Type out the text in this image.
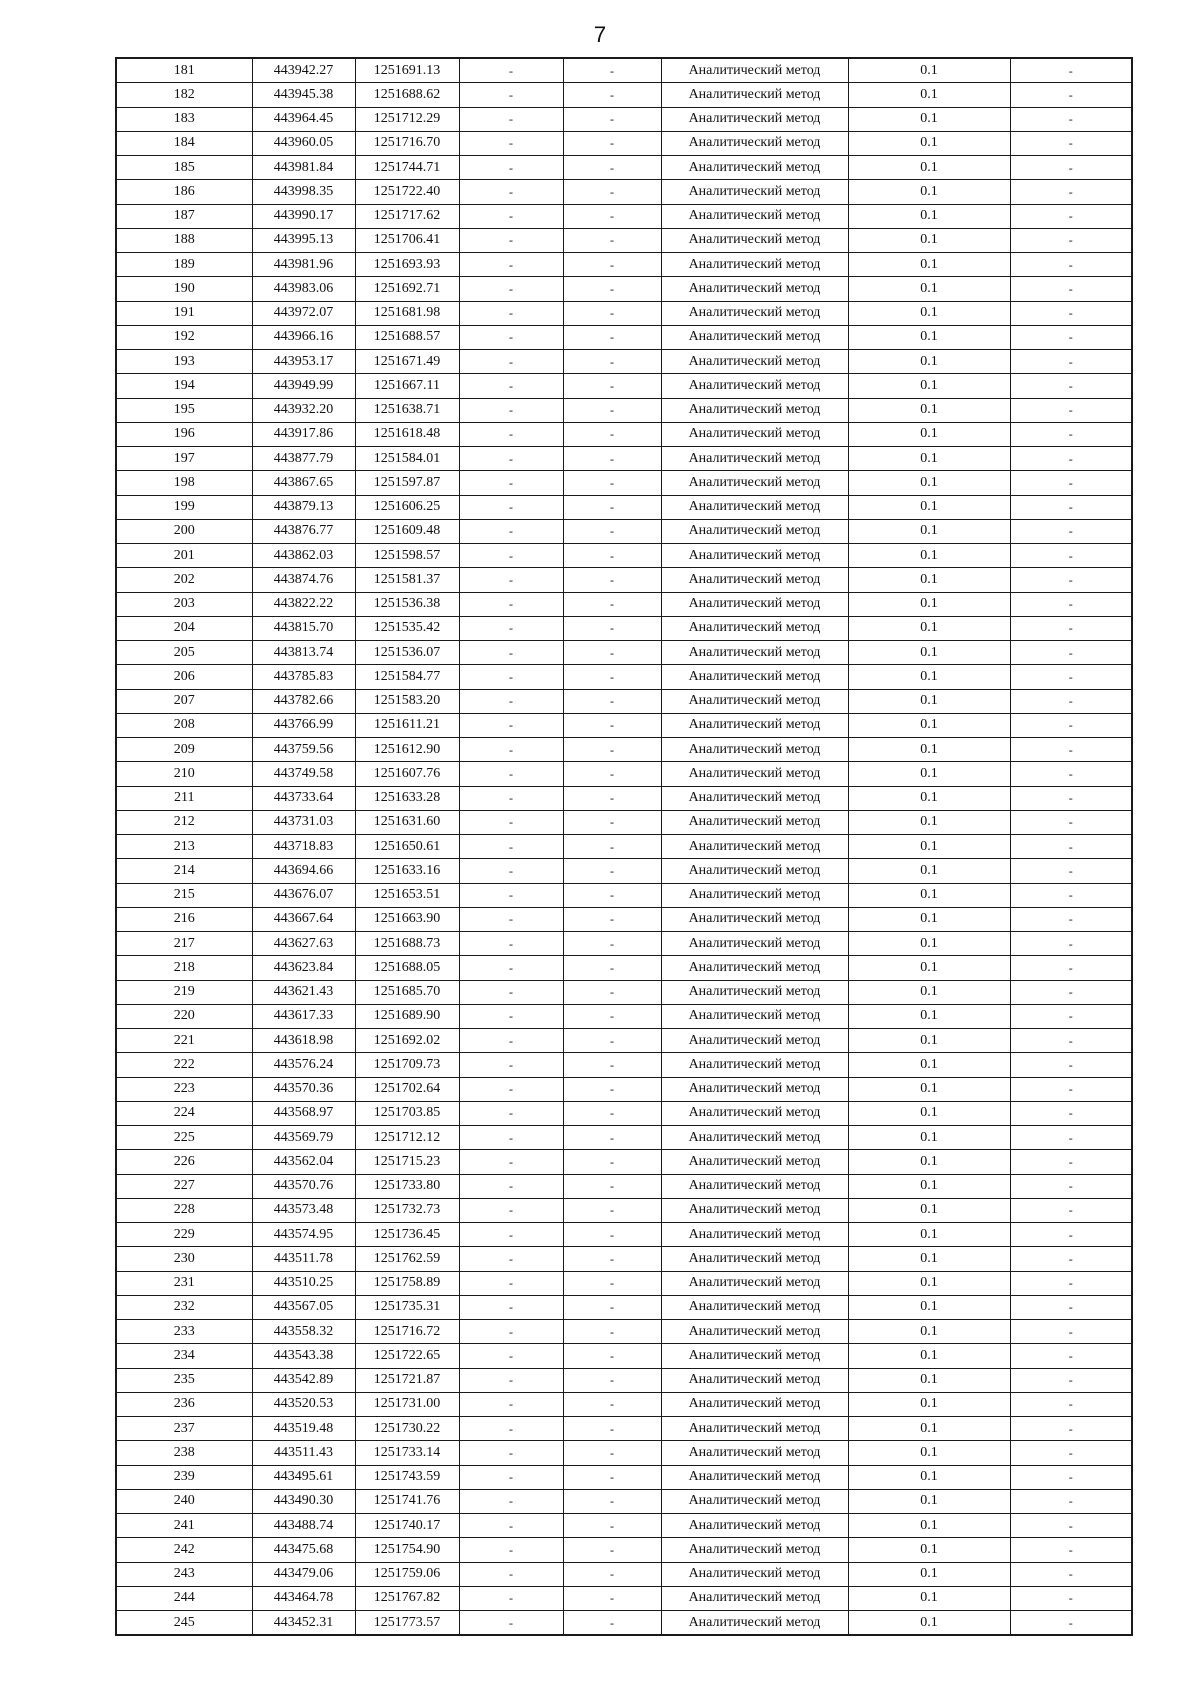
7
181	443942.27	1251691.13	-	-	Аналитический метод	0.1	-
182	443945.38	1251688.62	-	-	Аналитический метод	0.1	-
183	443964.45	1251712.29	-	-	Аналитический метод	0.1	-
184	443960.05	1251716.70	-	-	Аналитический метод	0.1	-
185	443981.84	1251744.71	-	-	Аналитический метод	0.1	-
186	443998.35	1251722.40	-	-	Аналитический метод	0.1	-
187	443990.17	1251717.62	-	-	Аналитический метод	0.1	-
188	443995.13	1251706.41	-	-	Аналитический метод	0.1	-
189	443981.96	1251693.93	-	-	Аналитический метод	0.1	-
190	443983.06	1251692.71	-	-	Аналитический метод	0.1	-
191	443972.07	1251681.98	-	-	Аналитический метод	0.1	-
192	443966.16	1251688.57	-	-	Аналитический метод	0.1	-
193	443953.17	1251671.49	-	-	Аналитический метод	0.1	-
194	443949.99	1251667.11	-	-	Аналитический метод	0.1	-
195	443932.20	1251638.71	-	-	Аналитический метод	0.1	-
196	443917.86	1251618.48	-	-	Аналитический метод	0.1	-
197	443877.79	1251584.01	-	-	Аналитический метод	0.1	-
198	443867.65	1251597.87	-	-	Аналитический метод	0.1	-
199	443879.13	1251606.25	-	-	Аналитический метод	0.1	-
200	443876.77	1251609.48	-	-	Аналитический метод	0.1	-
201	443862.03	1251598.57	-	-	Аналитический метод	0.1	-
202	443874.76	1251581.37	-	-	Аналитический метод	0.1	-
203	443822.22	1251536.38	-	-	Аналитический метод	0.1	-
204	443815.70	1251535.42	-	-	Аналитический метод	0.1	-
205	443813.74	1251536.07	-	-	Аналитический метод	0.1	-
206	443785.83	1251584.77	-	-	Аналитический метод	0.1	-
207	443782.66	1251583.20	-	-	Аналитический метод	0.1	-
208	443766.99	1251611.21	-	-	Аналитический метод	0.1	-
209	443759.56	1251612.90	-	-	Аналитический метод	0.1	-
210	443749.58	1251607.76	-	-	Аналитический метод	0.1	-
211	443733.64	1251633.28	-	-	Аналитический метод	0.1	-
212	443731.03	1251631.60	-	-	Аналитический метод	0.1	-
213	443718.83	1251650.61	-	-	Аналитический метод	0.1	-
214	443694.66	1251633.16	-	-	Аналитический метод	0.1	-
215	443676.07	1251653.51	-	-	Аналитический метод	0.1	-
216	443667.64	1251663.90	-	-	Аналитический метод	0.1	-
217	443627.63	1251688.73	-	-	Аналитический метод	0.1	-
218	443623.84	1251688.05	-	-	Аналитический метод	0.1	-
219	443621.43	1251685.70	-	-	Аналитический метод	0.1	-
220	443617.33	1251689.90	-	-	Аналитический метод	0.1	-
221	443618.98	1251692.02	-	-	Аналитический метод	0.1	-
222	443576.24	1251709.73	-	-	Аналитический метод	0.1	-
223	443570.36	1251702.64	-	-	Аналитический метод	0.1	-
224	443568.97	1251703.85	-	-	Аналитический метод	0.1	-
225	443569.79	1251712.12	-	-	Аналитический метод	0.1	-
226	443562.04	1251715.23	-	-	Аналитический метод	0.1	-
227	443570.76	1251733.80	-	-	Аналитический метод	0.1	-
228	443573.48	1251732.73	-	-	Аналитический метод	0.1	-
229	443574.95	1251736.45	-	-	Аналитический метод	0.1	-
230	443511.78	1251762.59	-	-	Аналитический метод	0.1	-
231	443510.25	1251758.89	-	-	Аналитический метод	0.1	-
232	443567.05	1251735.31	-	-	Аналитический метод	0.1	-
233	443558.32	1251716.72	-	-	Аналитический метод	0.1	-
234	443543.38	1251722.65	-	-	Аналитический метод	0.1	-
235	443542.89	1251721.87	-	-	Аналитический метод	0.1	-
236	443520.53	1251731.00	-	-	Аналитический метод	0.1	-
237	443519.48	1251730.22	-	-	Аналитический метод	0.1	-
238	443511.43	1251733.14	-	-	Аналитический метод	0.1	-
239	443495.61	1251743.59	-	-	Аналитический метод	0.1	-
240	443490.30	1251741.76	-	-	Аналитический метод	0.1	-
241	443488.74	1251740.17	-	-	Аналитический метод	0.1	-
242	443475.68	1251754.90	-	-	Аналитический метод	0.1	-
243	443479.06	1251759.06	-	-	Аналитический метод	0.1	-
244	443464.78	1251767.82	-	-	Аналитический метод	0.1	-
245	443452.31	1251773.57	-	-	Аналитический метод	0.1	-
